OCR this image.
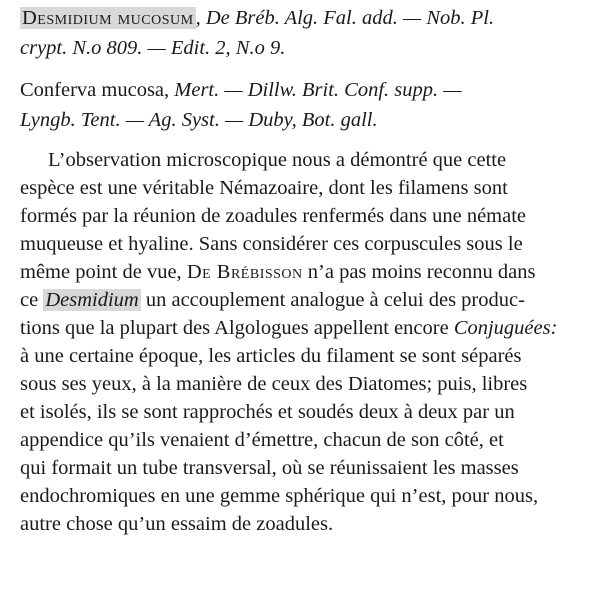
Desmidium mucosum, De Bréb. Alg. Fal. add. — Nob. Pl.
crypt. N.o 809. — Edit. 2, N.o 9.
Conferva mucosa, Mert. — Dillw. Brit. Conf. supp. —
Lyngb. Tent. — Ag. Syst. — Duby, Bot. gall.
L’observation microscopique nous a démontré que cette
espèce est une véritable Némazoaire, dont les filamens sont
formés par la réunion de zoadules renfermés dans une némate
muqueuse et hyaline. Sans considérer ces corpuscules sous le
même point de vue, De Brébisson n’a pas moins reconnu dans
ce Desmidium un accouplement analogue à celui des produc-
tions que la plupart des Algologues appellent encore Conjuguées:
à une certaine époque, les articles du filament se sont séparés
sous ses yeux, à la manière de ceux des Diatomes; puis, libres
et isolés, ils se sont rapprochés et soudés deux à deux par un
appendice qu’ils venaient d’émettre, chacun de son côté, et
qui formait un tube transversal, où se réunissaient les masses
endochromiques en une gemme sphérique qui n’est, pour nous,
autre chose qu’un essaim de zoadules.
